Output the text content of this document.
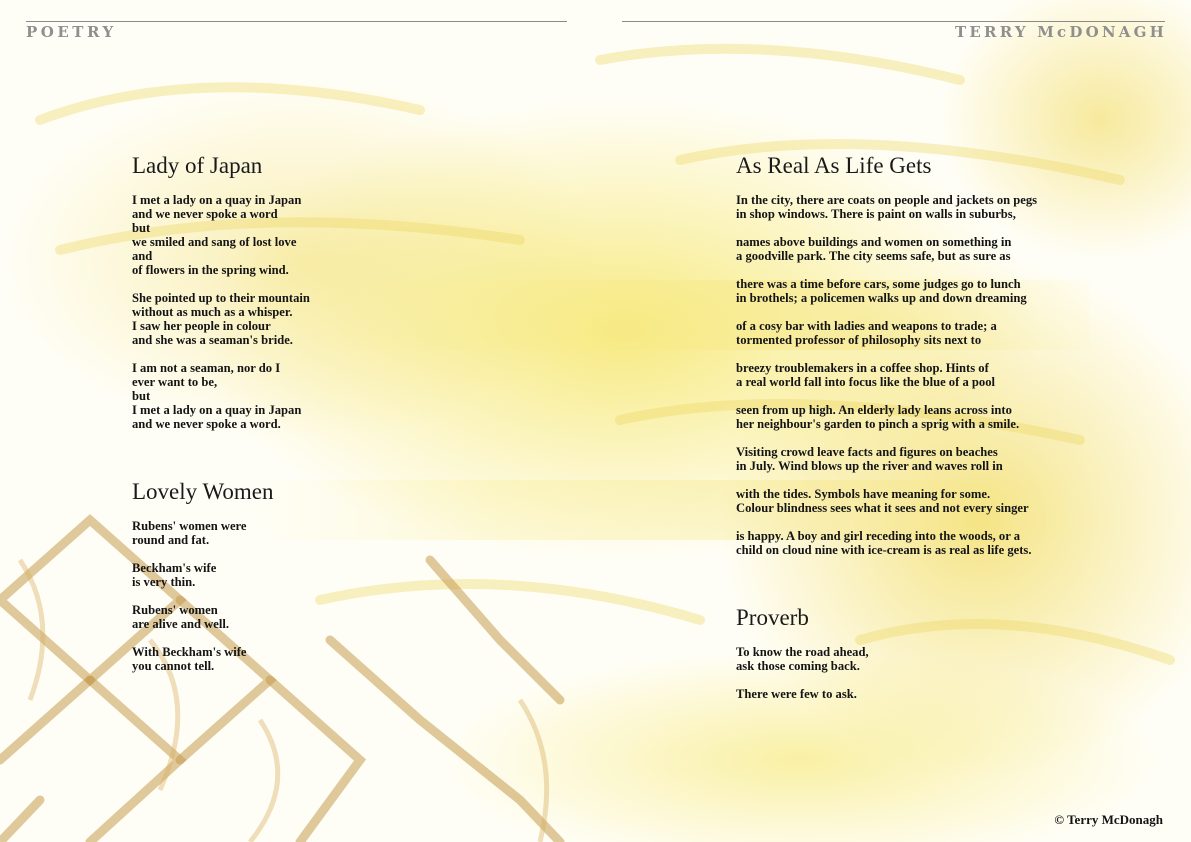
POETRY	TERRY McDONAGH
Lady of Japan
I met a lady on a quay in Japan
and we never spoke a word
but
we smiled and sang of lost love
and
of flowers in the spring wind.
She pointed up to their mountain
without as much as a whisper.
I saw her people in colour
and she was a seaman's bride.
I am not a seaman, nor do I
ever want to be,
but
I met a lady on a quay in Japan
and we never spoke a word.
Lovely Women
Rubens' women were
round and fat.
Beckham's wife
is very thin.
Rubens' women
are alive and well.
With Beckham's wife
you cannot tell.
As Real As Life Gets
In the city, there are coats on people and jackets on pegs
in shop windows. There is paint on walls in suburbs,
names above buildings and women on something in
a goodville park. The city seems safe, but as sure as
there was a time before cars, some judges go to lunch
in brothels; a policemen walks up and down dreaming
of a cosy bar with ladies and weapons to trade; a
tormented professor of philosophy sits next to
breezy troublemakers in a coffee shop. Hints of
a real world fall into focus like the blue of a pool
seen from up high. An elderly lady leans across into
her neighbour's garden to pinch a sprig with a smile.
Visiting crowd leave facts and figures on beaches
in July. Wind blows up the river and waves roll in
with the tides. Symbols have meaning for some.
Colour blindness sees what it sees and not every singer
is happy. A boy and girl receding into the woods, or a
child on cloud nine with ice-cream is as real as life gets.
Proverb
To know the road ahead,
ask those coming back.
There were few to ask.
© Terry McDonagh
